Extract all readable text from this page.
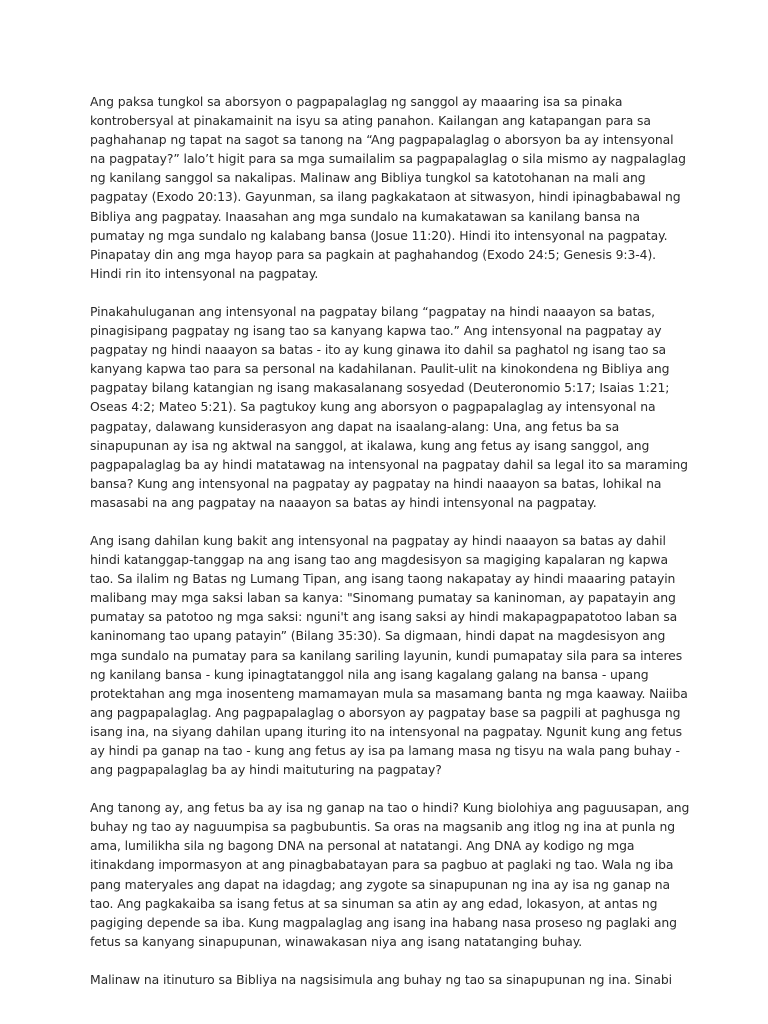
Ang paksa tungkol sa aborsyon o pagpapalaglag ng sanggol ay maaaring isa sa pinaka kontrobersyal at pinakamainit na isyu sa ating panahon. Kailangan ang katapangan para sa paghahanap ng tapat na sagot sa tanong na “Ang pagpapalaglag o aborsyon ba ay intensyonal na pagpatay?” lalo’t higit para sa mga sumailalim sa pagpapalaglag o sila mismo ay nagpalaglag ng kanilang sanggol sa nakalipas. Malinaw ang Bibliya tungkol sa katotohanan na mali ang pagpatay (Exodo 20:13). Gayunman, sa ilang pagkakataon at sitwasyon, hindi ipinagbabawal ng Bibliya ang pagpatay. Inaasahan ang mga sundalo na kumakatawan sa kanilang bansa na pumatay ng mga sundalo ng kalabang bansa (Josue 11:20). Hindi ito intensyonal na pagpatay. Pinapatay din ang mga hayop para sa pagkain at paghahandog (Exodo 24:5; Genesis 9:3-4). Hindi rin ito intensyonal na pagpatay.

Pinakahuluganan ang intensyonal na pagpatay bilang “pagpatay na hindi naaayon sa batas, pinagisipang pagpatay ng isang tao sa kanyang kapwa tao.” Ang intensyonal na pagpatay ay pagpatay ng hindi naaayon sa batas - ito ay kung ginawa ito dahil sa paghatol ng isang tao sa kanyang kapwa tao para sa personal na kadahilanan. Paulit-ulit na kinokondena ng Bibliya ang pagpatay bilang katangian ng isang makasalanang sosyedad (Deuteronomio 5:17; Isaias 1:21; Oseas 4:2; Mateo 5:21). Sa pagtukoy kung ang aborsyon o pagpapalaglag ay intensyonal na pagpatay, dalawang kunsiderasyon ang dapat na isaalang-alang: Una, ang fetus ba sa sinapupunan ay isa ng aktwal na sanggol, at ikalawa, kung ang fetus ay isang sanggol, ang pagpapalaglag ba ay hindi matatawag na intensyonal na pagpatay dahil sa legal ito sa maraming bansa? Kung ang intensyonal na pagpatay ay pagpatay na hindi naaayon sa batas, lohikal na masasabi na ang pagpatay na naaayon sa batas ay hindi intensyonal na pagpatay.

Ang isang dahilan kung bakit ang intensyonal na pagpatay ay hindi naaayon sa batas ay dahil hindi katanggap-tanggap na ang isang tao ang magdesisyon sa magiging kapalaran ng kapwa tao. Sa ilalim ng Batas ng Lumang Tipan, ang isang taong nakapatay ay hindi maaaring patayin malibang may mga saksi laban sa kanya: "Sinomang pumatay sa kaninoman, ay papatayin ang pumatay sa patotoo ng mga saksi: nguni't ang isang saksi ay hindi makapagpapatotoo laban sa kaninomang tao upang patayin” (Bilang 35:30). Sa digmaan, hindi dapat na magdesisyon ang mga sundalo na pumatay para sa kanilang sariling layunin, kundi pumapatay sila para sa interes ng kanilang bansa - kung ipinagtatanggol nila ang isang kagalang galang na bansa - upang protektahan ang mga inosenteng mamamayan mula sa masamang banta ng mga kaaway. Naiiba ang pagpapalaglag. Ang pagpapalaglag o aborsyon ay pagpatay base sa pagpili at paghusga ng isang ina, na siyang dahilan upang ituring ito na intensyonal na pagpatay. Ngunit kung ang fetus ay hindi pa ganap na tao - kung ang fetus ay isa pa lamang masa ng tisyu na wala pang buhay - ang pagpapalaglag ba ay hindi maituturing na pagpatay?

Ang tanong ay, ang fetus ba ay isa ng ganap na tao o hindi? Kung biolohiya ang paguusapan, ang buhay ng tao ay naguumpisa sa pagbubuntis. Sa oras na magsanib ang itlog ng ina at punla ng ama, lumilikha sila ng bagong DNA na personal at natatangi. Ang DNA ay kodigo ng mga itinakdang impormasyon at ang pinagbabatayan para sa pagbuo at paglaki ng tao. Wala ng iba pang materyales ang dapat na idagdag; ang zygote sa sinapupunan ng ina ay isa ng ganap na tao. Ang pagkakaiba sa isang fetus at sa sinuman sa atin ay ang edad, lokasyon, at antas ng pagiging depende sa iba. Kung magpalaglag ang isang ina habang nasa proseso ng paglaki ang fetus sa kanyang sinapupunan, winawakasan niya ang isang natatanging buhay.

Malinaw na itinuturo sa Bibliya na nagsisimula ang buhay ng tao sa sinapupunan ng ina. Sinabi
